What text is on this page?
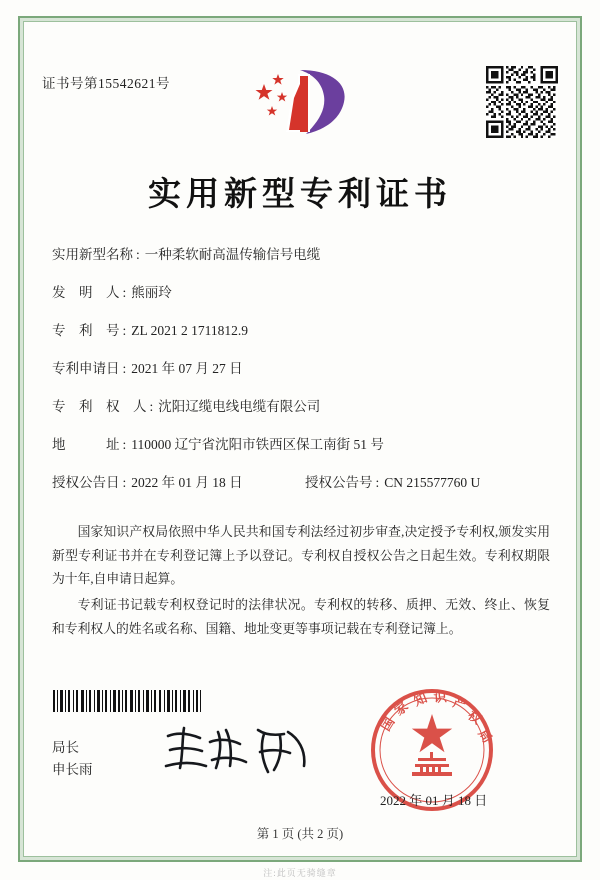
证书号第15542621号
实用新型专利证书
实用新型名称 : 一种柔软耐高温传输信号电缆
发　明　人 : 熊丽玲
专　利　号 : ZL 2021 2 1711812.9
专利申请日 : 2021 年 07 月 27 日
专　利　权　人 : 沈阳辽缆电线电缆有限公司
地　　　址 : 110000 辽宁省沈阳市铁西区保工南街 51 号
授权公告日 : 2022 年 01 月 18 日	授权公告号 : CN 215577760 U

国家知识产权局依照中华人民共和国专利法经过初步审查,决定授予专利权,颁发实用新型专利证书并在专利登记簿上予以登记。专利权自授权公告之日起生效。专利权期限为十年,自申请日起算。

专利证书记载专利权登记时的法律状况。专利权的转移、质押、无效、终止、恢复和专利权人的姓名或名称、国籍、地址变更等事项记载在专利登记簿上。

国
家 知 识 产
权
局
2022 年 01 月 18 日
局长
申长雨
第 1 页 (共 2 页)
注:此页无骑缝章
